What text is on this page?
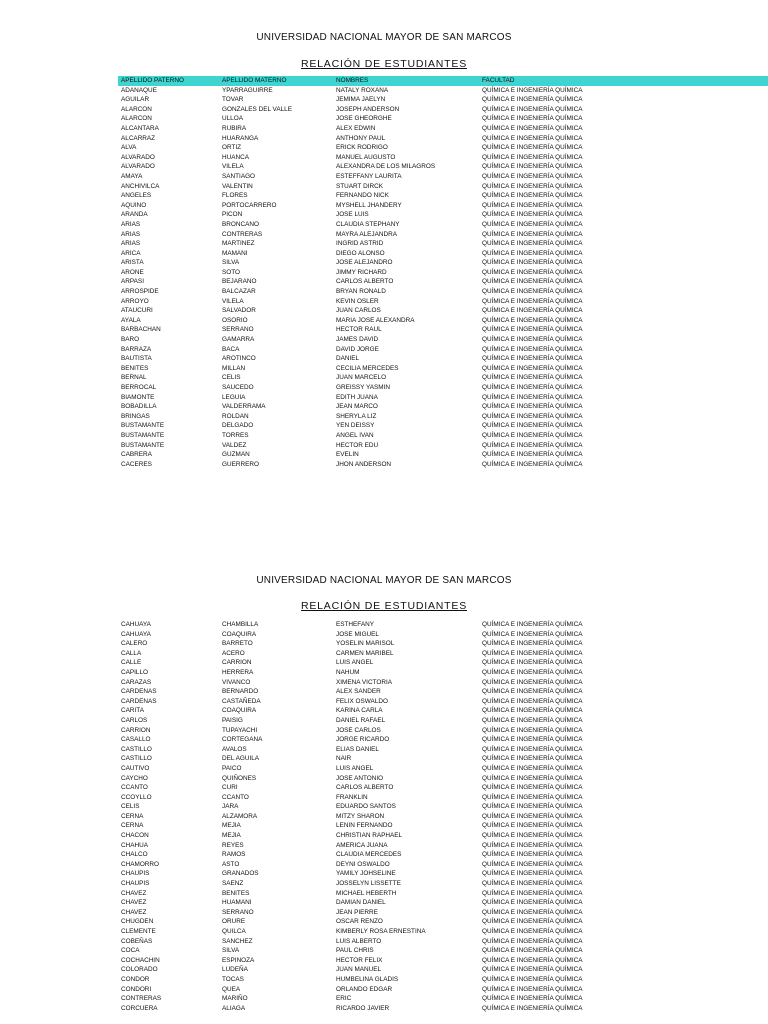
UNIVERSIDAD NACIONAL MAYOR DE SAN MARCOS
RELACIÓN DE ESTUDIANTES
APELLIDO PATERNO	APELLIDO MATERNO	NOMBRES	FACULTAD
ADANAQUE	YPARRAGUIRRE	NATALY ROXANA	QUÍMICA E INGENIERÍA QUÍMICA
AGUILAR	TOVAR	JEMIMA JAELYN	QUÍMICA E INGENIERÍA QUÍMICA
ALARCON	GONZALES DEL VALLE	JOSEPH ANDERSON	QUÍMICA E INGENIERÍA QUÍMICA
ALARCON	ULLOA	JOSE GHEORGHE	QUÍMICA E INGENIERÍA QUÍMICA
ALCANTARA	RUBIRA	ALEX EDWIN	QUÍMICA E INGENIERÍA QUÍMICA
ALCARRAZ	HUARANGA	ANTHONY PAUL	QUÍMICA E INGENIERÍA QUÍMICA
ALVA	ORTIZ	ERICK RODRIGO	QUÍMICA E INGENIERÍA QUÍMICA
ALVARADO	HUANCA	MANUEL AUGUSTO	QUÍMICA E INGENIERÍA QUÍMICA
ALVARADO	VILELA	ALEXANDRA DE LOS MILAGROS	QUÍMICA E INGENIERÍA QUÍMICA
AMAYA	SANTIAGO	ESTEFFANY LAURITA	QUÍMICA E INGENIERÍA QUÍMICA
ANCHIVILCA	VALENTIN	STUART DIRCK	QUÍMICA E INGENIERÍA QUÍMICA
ANGELES	FLORES	FERNANDO NICK	QUÍMICA E INGENIERÍA QUÍMICA
AQUINO	PORTOCARRERO	MYSHELL JHANDERY	QUÍMICA E INGENIERÍA QUÍMICA
ARANDA	PICON	JOSE LUIS	QUÍMICA E INGENIERÍA QUÍMICA
ARIAS	BRONCANO	CLAUDIA STEPHANY	QUÍMICA E INGENIERÍA QUÍMICA
ARIAS	CONTRERAS	MAYRA ALEJANDRA	QUÍMICA E INGENIERÍA QUÍMICA
ARIAS	MARTINEZ	INGRID ASTRID	QUÍMICA E INGENIERÍA QUÍMICA
ARICA	MAMANI	DIEGO ALONSO	QUÍMICA E INGENIERÍA QUÍMICA
ARISTA	SILVA	JOSE ALEJANDRO	QUÍMICA E INGENIERÍA QUÍMICA
ARONE	SOTO	JIMMY RICHARD	QUÍMICA E INGENIERÍA QUÍMICA
ARPASI	BEJARANO	CARLOS ALBERTO	QUÍMICA E INGENIERÍA QUÍMICA
ARROSPIDE	BALCAZAR	BRYAN RONALD	QUÍMICA E INGENIERÍA QUÍMICA
ARROYO	VILELA	KEVIN OSLER	QUÍMICA E INGENIERÍA QUÍMICA
ATAUCURI	SALVADOR	JUAN CARLOS	QUÍMICA E INGENIERÍA QUÍMICA
AYALA	OSORIO	MARIA JOSE ALEXANDRA	QUÍMICA E INGENIERÍA QUÍMICA
BARBACHAN	SERRANO	HECTOR RAUL	QUÍMICA E INGENIERÍA QUÍMICA
BARO	GAMARRA	JAMES DAVID	QUÍMICA E INGENIERÍA QUÍMICA
BARRAZA	BACA	DAVID JORGE	QUÍMICA E INGENIERÍA QUÍMICA
BAUTISTA	AROTINCO	DANIEL	QUÍMICA E INGENIERÍA QUÍMICA
BENITES	MILLAN	CECILIA MERCEDES	QUÍMICA E INGENIERÍA QUÍMICA
BERNAL	CELIS	JUAN MARCELO	QUÍMICA E INGENIERÍA QUÍMICA
BERROCAL	SAUCEDO	GREISSY YASMIN	QUÍMICA E INGENIERÍA QUÍMICA
BIAMONTE	LEGUIA	EDITH JUANA	QUÍMICA E INGENIERÍA QUÍMICA
BOBADILLA	VALDERRAMA	JEAN MARCO	QUÍMICA E INGENIERÍA QUÍMICA
BRINGAS	ROLDAN	SHERYLA LIZ	QUÍMICA E INGENIERÍA QUÍMICA
BUSTAMANTE	DELGADO	YEN DEISSY	QUÍMICA E INGENIERÍA QUÍMICA
BUSTAMANTE	TORRES	ANGEL IVAN	QUÍMICA E INGENIERÍA QUÍMICA
BUSTAMANTE	VALDEZ	HECTOR EDU	QUÍMICA E INGENIERÍA QUÍMICA
CABRERA	GUZMAN	EVELIN	QUÍMICA E INGENIERÍA QUÍMICA
CACERES	GUERRERO	JHON ANDERSON	QUÍMICA E INGENIERÍA QUÍMICA
UNIVERSIDAD NACIONAL MAYOR DE SAN MARCOS
RELACIÓN DE ESTUDIANTES
CAHUAYA	CHAMBILLA	ESTHEFANY	QUÍMICA E INGENIERÍA QUÍMICA
CAHUAYA	COAQUIRA	JOSE MIGUEL	QUÍMICA E INGENIERÍA QUÍMICA
CALERO	BARRETO	YOSELIN MARISOL	QUÍMICA E INGENIERÍA QUÍMICA
CALLA	ACERO	CARMEN MARIBEL	QUÍMICA E INGENIERÍA QUÍMICA
CALLE	CARRION	LUIS ANGEL	QUÍMICA E INGENIERÍA QUÍMICA
CAPILLO	HERRERA	NAHUM	QUÍMICA E INGENIERÍA QUÍMICA
CARAZAS	VIVANCO	XIMENA VICTORIA	QUÍMICA E INGENIERÍA QUÍMICA
CARDENAS	BERNARDO	ALEX SANDER	QUÍMICA E INGENIERÍA QUÍMICA
CARDENAS	CASTAÑEDA	FELIX OSWALDO	QUÍMICA E INGENIERÍA QUÍMICA
CARITA	COAQUIRA	KARINA CARLA	QUÍMICA E INGENIERÍA QUÍMICA
CARLOS	PAISIG	DANIEL RAFAEL	QUÍMICA E INGENIERÍA QUÍMICA
CARRION	TUPAYACHI	JOSE CARLOS	QUÍMICA E INGENIERÍA QUÍMICA
CASALLO	CORTEGANA	JORGE RICARDO	QUÍMICA E INGENIERÍA QUÍMICA
CASTILLO	AVALOS	ELIAS DANIEL	QUÍMICA E INGENIERÍA QUÍMICA
CASTILLO	DEL AGUILA	NAIR	QUÍMICA E INGENIERÍA QUÍMICA
CAUTIVO	PAICO	LUIS ANGEL	QUÍMICA E INGENIERÍA QUÍMICA
CAYCHO	QUIÑONES	JOSE ANTONIO	QUÍMICA E INGENIERÍA QUÍMICA
CCANTO	CURI	CARLOS ALBERTO	QUÍMICA E INGENIERÍA QUÍMICA
CCOYLLO	CCANTO	FRANKLIN	QUÍMICA E INGENIERÍA QUÍMICA
CELIS	JARA	EDUARDO SANTOS	QUÍMICA E INGENIERÍA QUÍMICA
CERNA	ALZAMORA	MITZY SHARON	QUÍMICA E INGENIERÍA QUÍMICA
CERNA	MEJIA	LENIN FERNANDO	QUÍMICA E INGENIERÍA QUÍMICA
CHACON	MEJIA	CHRISTIAN RAPHAEL	QUÍMICA E INGENIERÍA QUÍMICA
CHAHUA	REYES	AMERICA JUANA	QUÍMICA E INGENIERÍA QUÍMICA
CHALCO	RAMOS	CLAUDIA MERCEDES	QUÍMICA E INGENIERÍA QUÍMICA
CHAMORRO	ASTO	DEYNI OSWALDO	QUÍMICA E INGENIERÍA QUÍMICA
CHAUPIS	GRANADOS	YAMILY JOHSELINE	QUÍMICA E INGENIERÍA QUÍMICA
CHAUPIS	SAENZ	JOSSELYN LISSETTE	QUÍMICA E INGENIERÍA QUÍMICA
CHAVEZ	BENITES	MICHAEL HEBERTH	QUÍMICA E INGENIERÍA QUÍMICA
CHAVEZ	HUAMANI	DAMIAN DANIEL	QUÍMICA E INGENIERÍA QUÍMICA
CHAVEZ	SERRANO	JEAN PIERRE	QUÍMICA E INGENIERÍA QUÍMICA
CHUGDEN	ORURE	OSCAR RENZO	QUÍMICA E INGENIERÍA QUÍMICA
CLEMENTE	QUILCA	KIMBERLY ROSA ERNESTINA	QUÍMICA E INGENIERÍA QUÍMICA
COBEÑAS	SANCHEZ	LUIS ALBERTO	QUÍMICA E INGENIERÍA QUÍMICA
COCA	SILVA	PAUL CHRIS	QUÍMICA E INGENIERÍA QUÍMICA
COCHACHIN	ESPINOZA	HECTOR FELIX	QUÍMICA E INGENIERÍA QUÍMICA
COLORADO	LUDEÑA	JUAN MANUEL	QUÍMICA E INGENIERÍA QUÍMICA
CONDOR	TOCAS	HUMBELINA GLADIS	QUÍMICA E INGENIERÍA QUÍMICA
CONDORI	QUEA	ORLANDO EDGAR	QUÍMICA E INGENIERÍA QUÍMICA
CONTRERAS	MARIÑO	ERIC	QUÍMICA E INGENIERÍA QUÍMICA
CORCUERA	ALIAGA	RICARDO JAVIER	QUÍMICA E INGENIERÍA QUÍMICA
